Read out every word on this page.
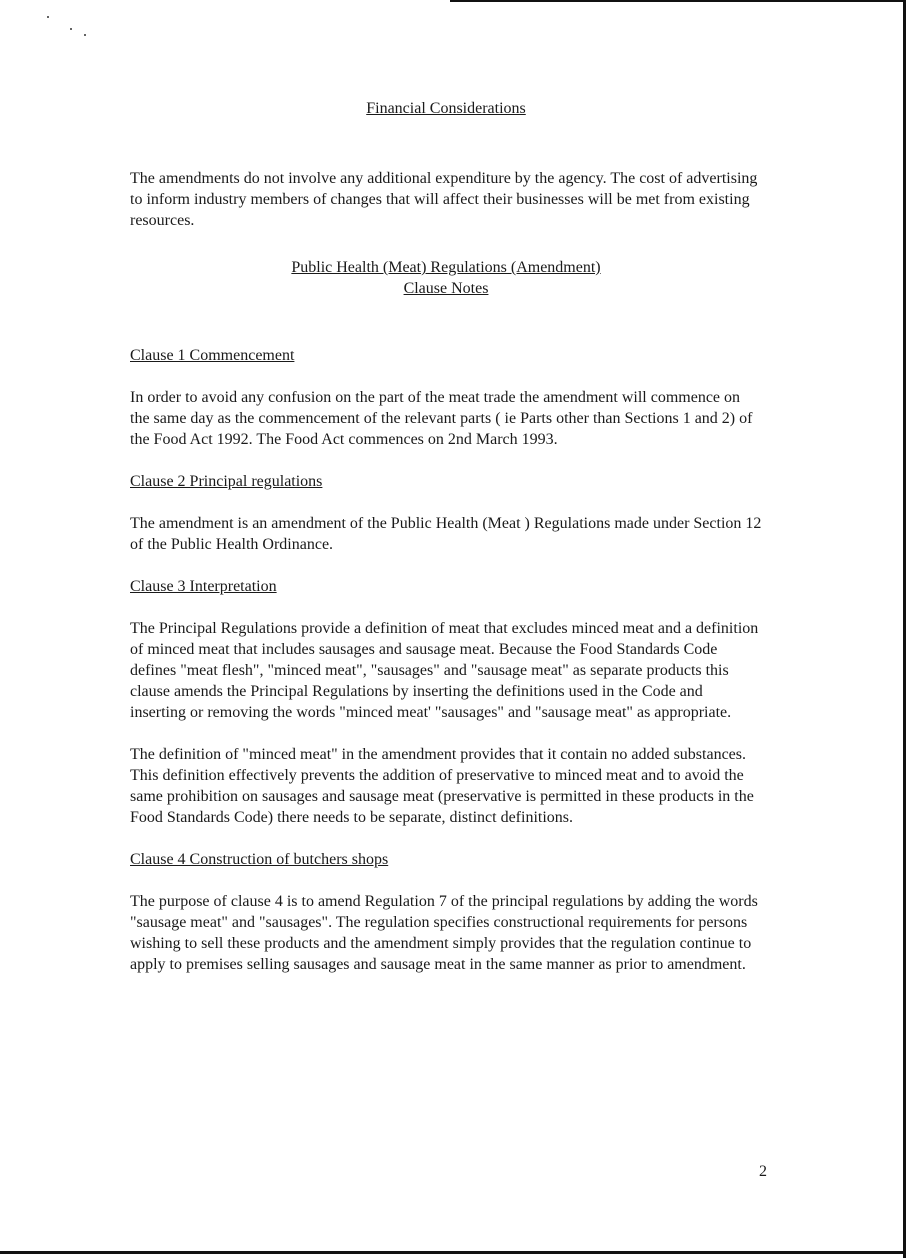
Financial Considerations

The amendments do not involve any additional expenditure by the agency. The cost of advertising to inform industry members of changes that will affect their businesses will be met from existing resources.

Public Health (Meat) Regulations (Amendment)
Clause Notes
Clause 1 Commencement

In order to avoid any confusion on the part of the meat trade the amendment will commence on the same day as the commencement of the relevant parts ( ie Parts other than Sections 1 and 2) of the Food Act 1992. The Food Act commences on 2nd March 1993.

Clause 2 Principal regulations

The amendment is an amendment of the Public Health (Meat ) Regulations made under Section 12 of the Public Health Ordinance.

Clause 3 Interpretation

The Principal Regulations provide a definition of meat that excludes minced meat and a definition of minced meat that includes sausages and sausage meat. Because the Food Standards Code defines "meat flesh", "minced meat", "sausages" and "sausage meat" as separate products this clause amends the Principal Regulations by inserting the definitions used in the Code and inserting or removing the words "minced meat' "sausages" and "sausage meat" as appropriate.

The definition of "minced meat" in the amendment provides that it contain no added substances. This definition effectively prevents the addition of preservative to minced meat and to avoid the same prohibition on sausages and sausage meat (preservative is permitted in these products in the Food Standards Code) there needs to be separate, distinct definitions.

Clause 4 Construction of butchers shops

The purpose of clause 4 is to amend Regulation 7 of the principal regulations by adding the words "sausage meat" and "sausages". The regulation specifies constructional requirements for persons wishing to sell these products and the amendment simply provides that the regulation continue to apply to premises selling sausages and sausage meat in the same manner as prior to amendment.

2
